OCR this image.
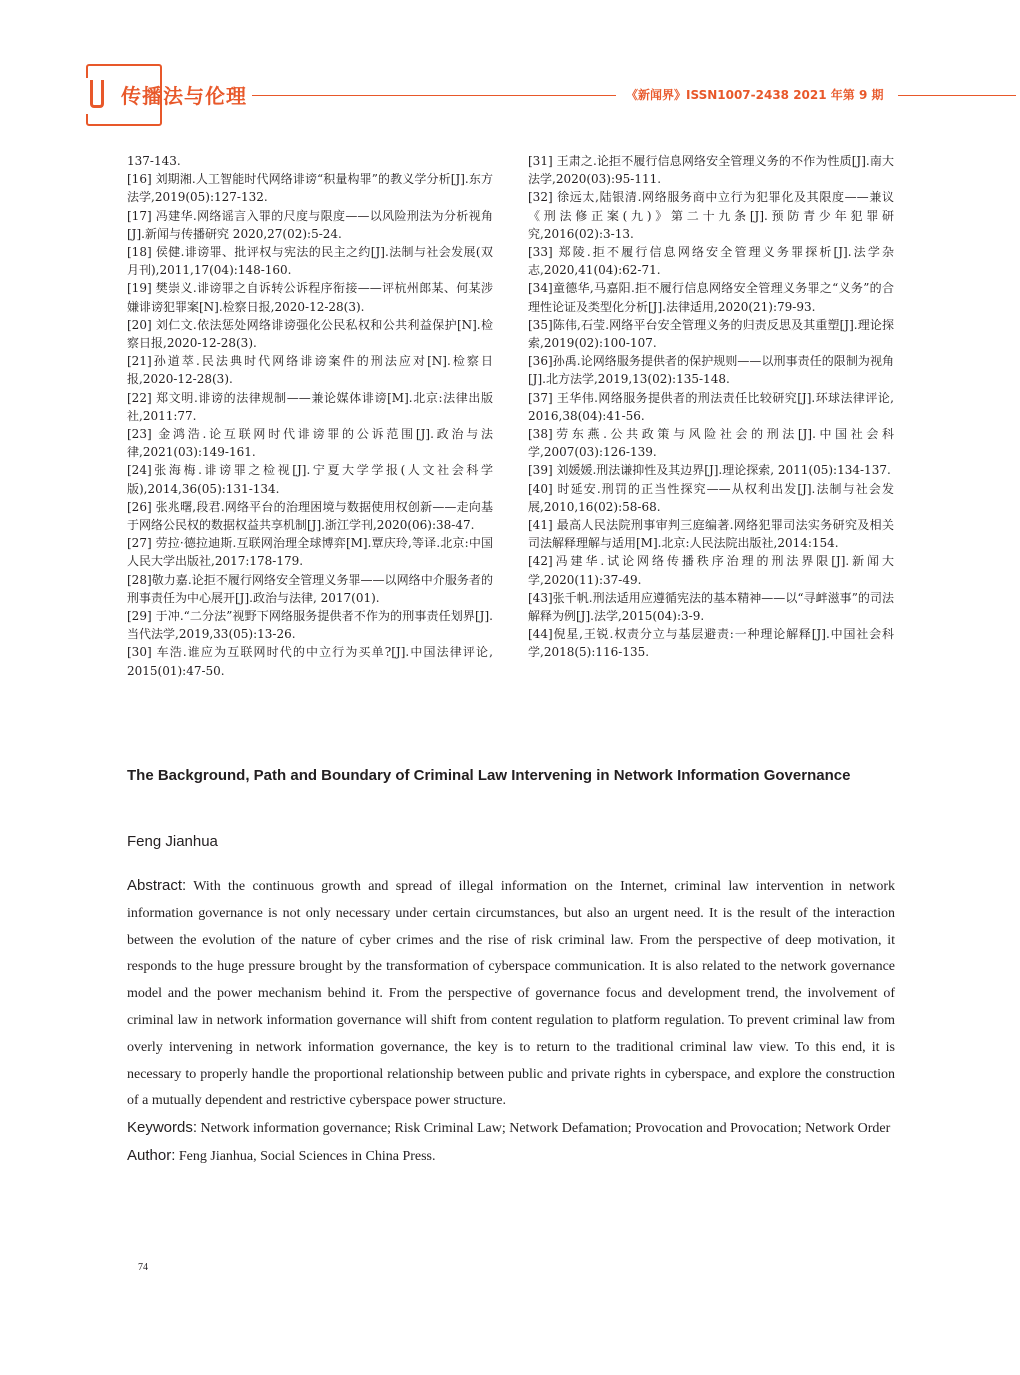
传播法与伦理	《新闻界》ISSN1007-2438 2021 年第 9 期

137-143.

[16] 刘期湘.人工智能时代网络诽谤“积量构罪”的教义学分析[J].东方法学,2019(05):127-132.

[17] 冯建华.网络谣言入罪的尺度与限度——以风险刑法为分析视角[J].新闻与传播研究 2020,27(02):5-24.

[18] 侯健.诽谤罪、批评权与宪法的民主之约[J].法制与社会发展(双月刊),2011,17(04):148-160.

[19] 樊崇义.诽谤罪之自诉转公诉程序衔接——评杭州郎某、何某涉嫌诽谤犯罪案[N].检察日报,2020-12-28(3).

[20] 刘仁文.依法惩处网络诽谤强化公民私权和公共利益保护[N].检察日报,2020-12-28(3).

[21]孙道萃.民法典时代网络诽谤案件的刑法应对[N].检察日报,2020-12-28(3).

[22] 郑文明.诽谤的法律规制——兼论媒体诽谤[M].北京:法律出版社,2011:77.

[23] 金鸿浩.论互联网时代诽谤罪的公诉范围[J].政治与法律,2021(03):149-161.

[24]张海梅.诽谤罪之检视[J].宁夏大学学报(人文社会科学版),2014,36(05):131-134.

[26] 张兆曙,段君.网络平台的治理困境与数据使用权创新——走向基于网络公民权的数据权益共享机制[J].浙江学刊,2020(06):38-47.

[27] 劳拉·德拉迪斯.互联网治理全球博弈[M].覃庆玲,等译.北京:中国人民大学出版社,2017:178-179.

[28]敬力嘉.论拒不履行网络安全管理义务罪——以网络中介服务者的刑事责任为中心展开[J].政治与法律, 2017(01).

[29] 于冲.“二分法”视野下网络服务提供者不作为的刑事责任划界[J].当代法学,2019,33(05):13-26.

[30] 车浩.谁应为互联网时代的中立行为买单?[J].中国法律评论, 2015(01):47-50.

[31] 王肃之.论拒不履行信息网络安全管理义务的不作为性质[J].南大法学,2020(03):95-111.

[32] 徐远太,陆银清.网络服务商中立行为犯罪化及其限度——兼议《刑法修正案(九)》第二十九条[J].预防青少年犯罪研究,2016(02):3-13.

[33] 郑陵.拒不履行信息网络安全管理义务罪探析[J].法学杂志,2020,41(04):62-71.

[34]童德华,马嘉阳.拒不履行信息网络安全管理义务罪之“义务”的合理性论证及类型化分析[J].法律适用,2020(21):79-93.

[35]陈伟,石莹.网络平台安全管理义务的归责反思及其重塑[J].理论探索,2019(02):100-107.

[36]孙禹.论网络服务提供者的保护规则——以刑事责任的限制为视角[J].北方法学,2019,13(02):135-148.

[37] 王华伟.网络服务提供者的刑法责任比较研究[J].环球法律评论, 2016,38(04):41-56.

[38]劳东燕.公共政策与风险社会的刑法[J].中国社会科学,2007(03):126-139.

[39] 刘媛媛.刑法谦抑性及其边界[J].理论探索, 2011(05):134-137.

[40] 时延安.刑罚的正当性探究——从权利出发[J].法制与社会发展,2010,16(02):58-68.

[41] 最高人民法院刑事审判三庭编著.网络犯罪司法实务研究及相关司法解释理解与适用[M].北京:人民法院出版社,2014:154.

[42]冯建华.试论网络传播秩序治理的刑法界限[J].新闻大学,2020(11):37-49.

[43]张千帆.刑法适用应遵循宪法的基本精神——以“寻衅滋事”的司法解释为例[J].法学,2015(04):3-9.

[44]倪星,王锐.权责分立与基层避责:一种理论解释[J].中国社会科学,2018(5):116-135.

The Background, Path and Boundary of Criminal Law Intervening in Network Information Governance
Feng Jianhua

Abstract: With the continuous growth and spread of illegal information on the Internet, criminal law intervention in network information governance is not only necessary under certain circumstances, but also an urgent need. It is the result of the interaction between the evolution of the nature of cyber crimes and the rise of risk criminal law. From the perspective of deep motivation, it responds to the huge pressure brought by the transformation of cyberspace communication. It is also related to the network governance model and the power mechanism behind it. From the perspective of governance focus and development trend, the involvement of criminal law in network information governance will shift from content regulation to platform regulation. To prevent criminal law from overly intervening in network information governance, the key is to return to the traditional criminal law view. To this end, it is necessary to properly handle the proportional relationship between public and private rights in cyberspace, and explore the construction of a mutually dependent and restrictive cyberspace power structure.

Keywords: Network information governance; Risk Criminal Law; Network Defamation; Provocation and Provocation; Network Order

Author: Feng Jianhua, Social Sciences in China Press.

74
